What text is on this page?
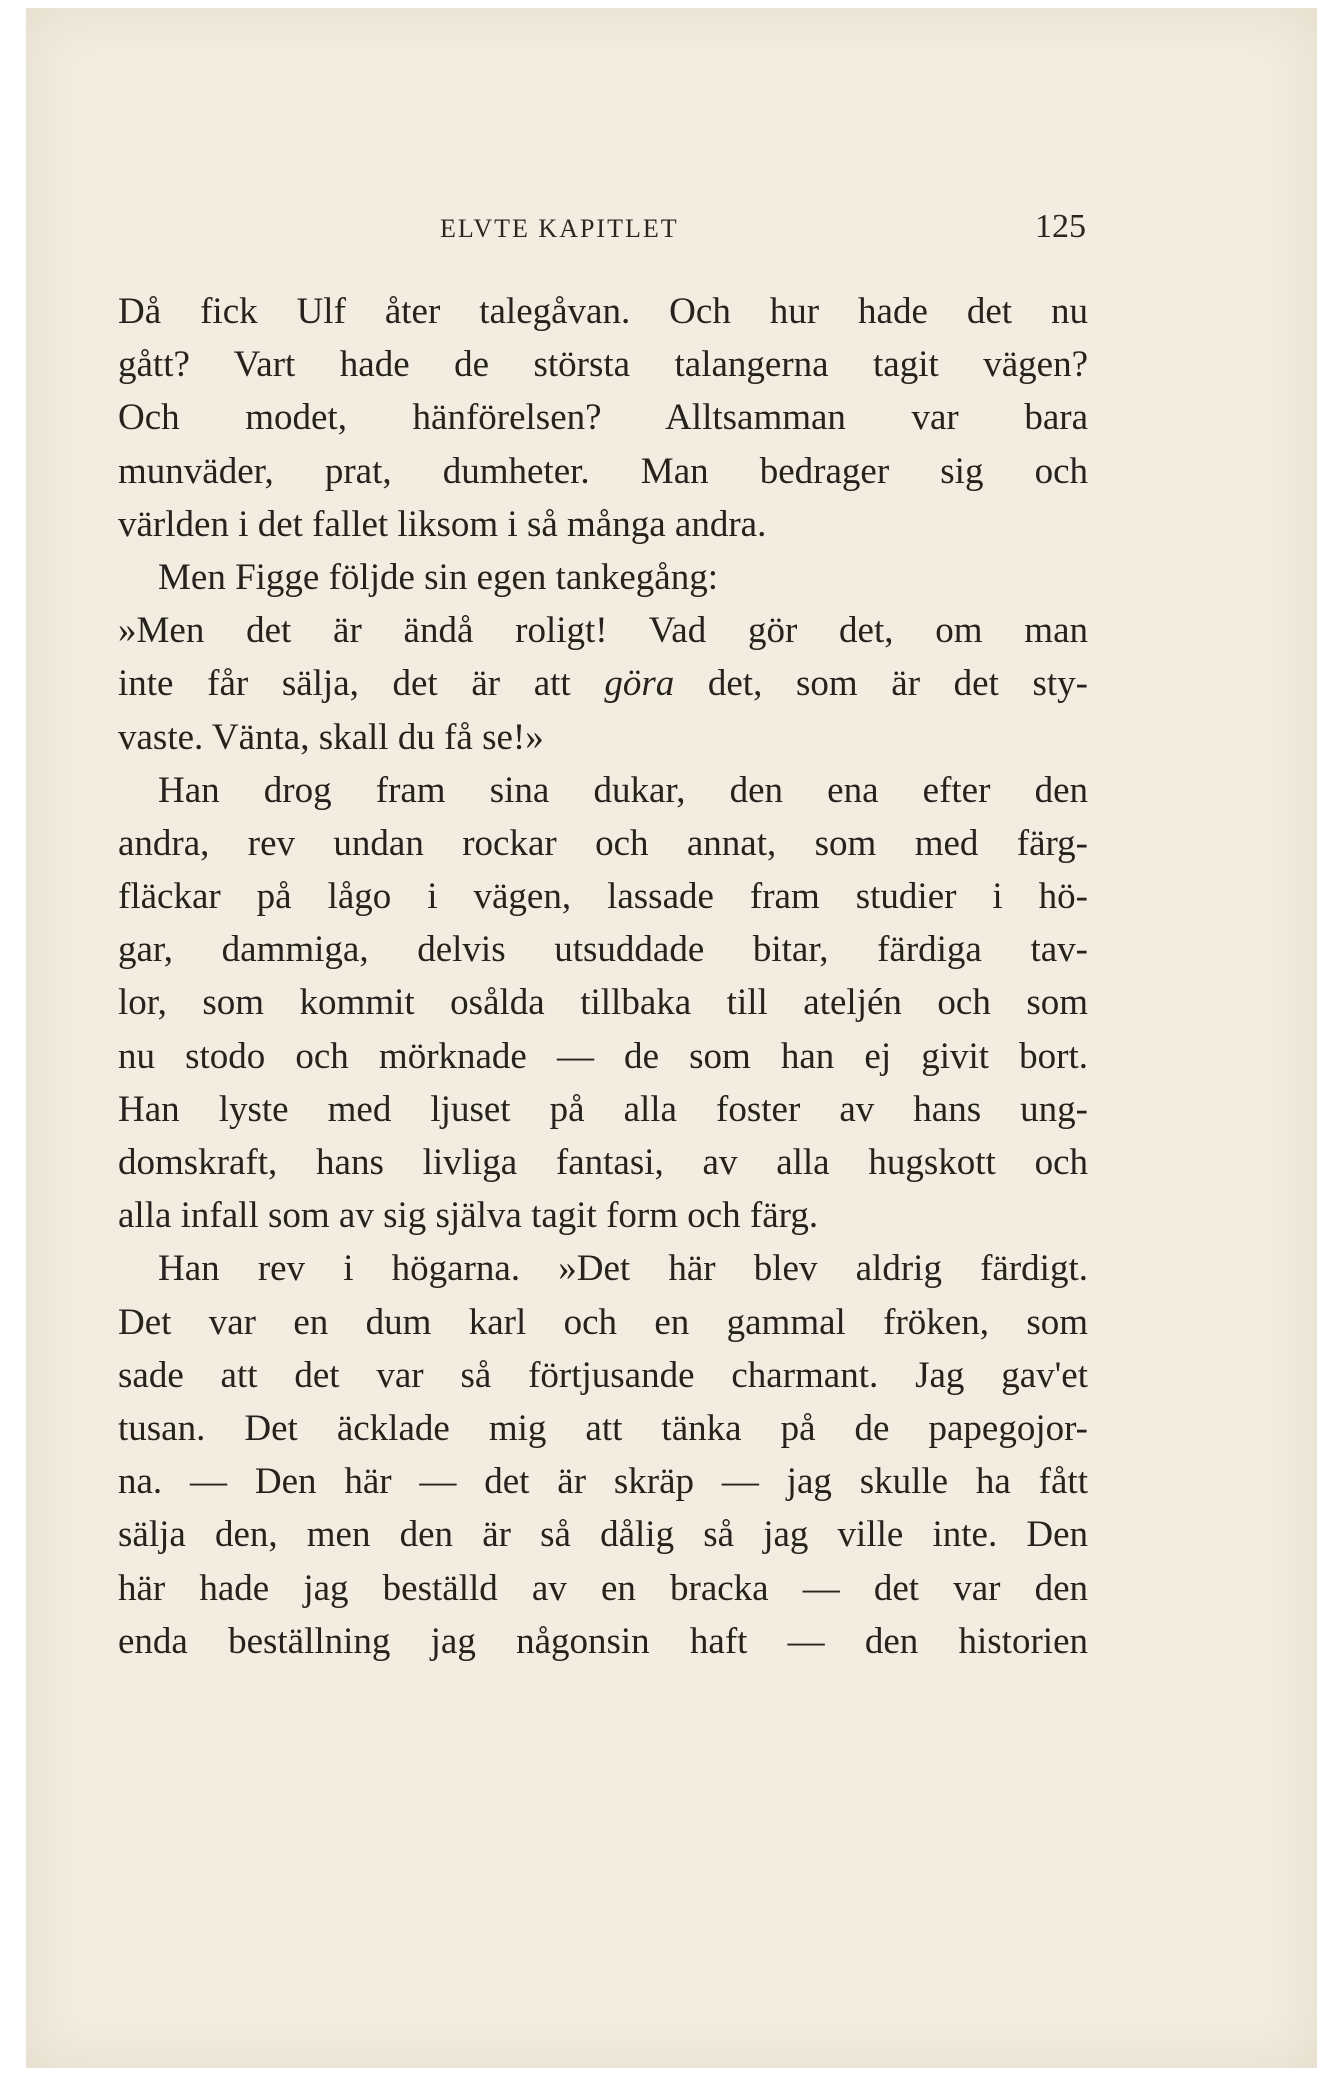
ELVTE KAPITLET	125
Då fick Ulf åter talegåvan. Och hur hade det nu
gått? Vart hade de största talangerna tagit vägen?
Och modet, hänförelsen? Alltsamman var bara
munväder, prat, dumheter. Man bedrager sig och
världen i det fallet liksom i så många andra.
Men Figge följde sin egen tankegång:
»Men det är ändå roligt! Vad gör det, om man
inte får sälja, det är att göra det, som är det sty-
vaste. Vänta, skall du få se!»
Han drog fram sina dukar, den ena efter den
andra, rev undan rockar och annat, som med färg-
fläckar på lågo i vägen, lassade fram studier i hö-
gar, dammiga, delvis utsuddade bitar, färdiga tav-
lor, som kommit osålda tillbaka till ateljén och som
nu stodo och mörknade — de som han ej givit bort.
Han lyste med ljuset på alla foster av hans ung-
domskraft, hans livliga fantasi, av alla hugskott och
alla infall som av sig själva tagit form och färg.
Han rev i högarna. »Det här blev aldrig färdigt.
Det var en dum karl och en gammal fröken, som
sade att det var så förtjusande charmant. Jag gav'et
tusan. Det äcklade mig att tänka på de papegojor-
na. — Den här — det är skräp — jag skulle ha fått
sälja den, men den är så dålig så jag ville inte. Den
här hade jag beställd av en bracka — det var den
enda beställning jag någonsin haft — den historien
